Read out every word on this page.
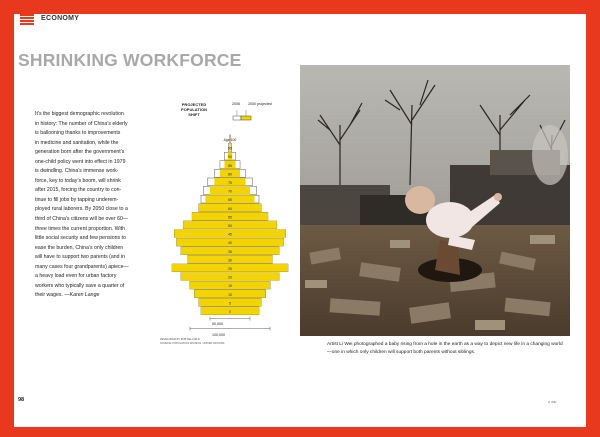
ECONOMY
SHRINKING WORKFORCE
It’s the biggest demographic revolution
in history: The number of China’s elderly
is ballooning thanks to improvements
in medicine and sanitation, while the
generation born after the government’s
one-child policy went into effect in 1979
is dwindling. China’s immense work-
force, key to today’s boom, will shrink
after 2015, forcing the country to con-
tinue to fill jobs by tapping underem-
ployed rural laborers. By 2050 close to a
third of China’s citizens will be over 60—
three times the current proportion. With
little social security and few pensions to
ease the burden, China’s only children
will have to support two parents (and in
many cases four grandparents) apiece—
a heavy load even for urban factory
workers who typically save a quarter of
their wages. —Karen Lange
PROJECTED
POPULATION
SHIFT
2006 2050 projected
Age 100
95
90
85
80
75
70
65
60
55
50
45
40
35
30
25
20
15
10
5
0
50,000
100,000
DEVELOPED BY BOB SEL FIELD
SOURCE: POPULATION DIVISION, UNITED NATIONS	Artist Li Wei photographed a baby rising from a hole in the earth as a way to depict new life in a changing world—one in which only children will support both parents without siblings.
98	LI WEI
